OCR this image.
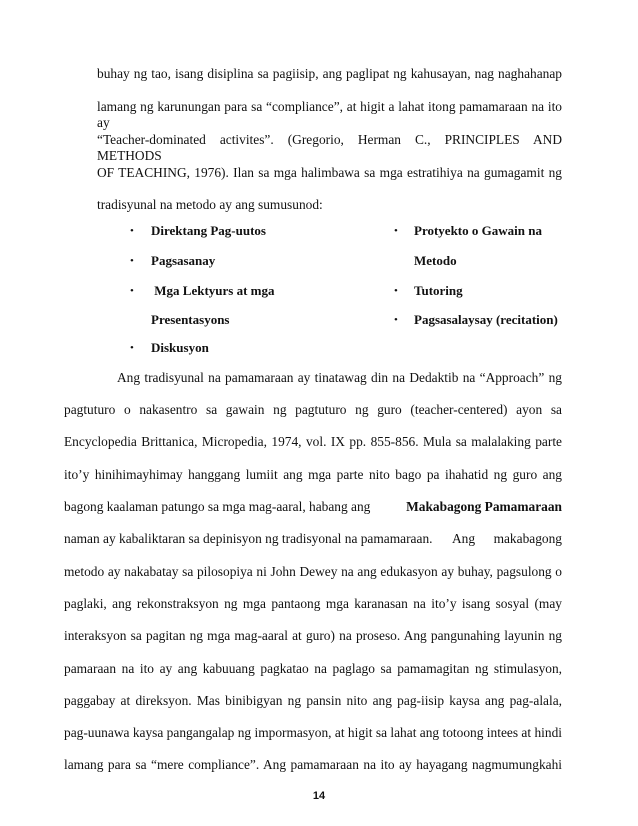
buhay ng tao, isang disiplina sa pagiisip, ang paglipat ng kahusayan, nag naghahanap
lamang ng karunungan para sa “compliance”, at higit a lahat itong pamamaraan na ito ay
“Teacher-dominated activites”. (Gregorio, Herman C., PRINCIPLES AND METHODS
OF TEACHING, 1976). Ilan sa mga halimbawa sa mga estratihiya na gumagamit ng
tradisyunal na metodo ay ang sumusunod:
• Direktang Pag-uutos
• Pagsasanay
• Mga Lektyurs at mga
Presentasyons
• Diskusyon
• Protyekto o Gawain na
Metodo
• Tutoring
• Pagsasalaysay (recitation)
Ang tradisyunal na pamamaraan ay tinatawag din na Dedaktib na “Approach” ng
pagtuturo o nakasentro sa gawain ng pagtuturo ng guro (teacher-centered) ayon sa
Encyclopedia Brittanica, Micropedia, 1974, vol. IX pp. 855-856. Mula sa malalaking parte
ito’y hinihimayhimay hanggang lumiit ang mga parte nito bago pa ihahatid ng guro ang
bagong kaalaman patungo sa mga mag-aaral, habang ang	Makabagong Pamamaraan
naman ay kabaliktaran sa depinisyon ng tradisyonal na pamamaraan. Ang makabagong
metodo ay nakabatay sa pilosopiya ni John Dewey na ang edukasyon ay buhay, pagsulong o
paglaki, ang rekonstraksyon ng mga pantaong mga karanasan na ito’y isang sosyal (may
interaksyon sa pagitan ng mga mag-aaral at guro) na proseso. Ang pangunahing layunin ng
pamaraan na ito ay ang kabuuang pagkatao na paglago sa pamamagitan ng stimulasyon,
paggabay at direksyon. Mas binibigyan ng pansin nito ang pag-iisip kaysa ang pag-alala,
pag-uunawa kaysa pangangalap ng impormasyon, at higit sa lahat ang totoong intees at hindi
lamang para sa “mere compliance”. Ang pamamaraan na ito ay hayagang nagmumungkahi
14
